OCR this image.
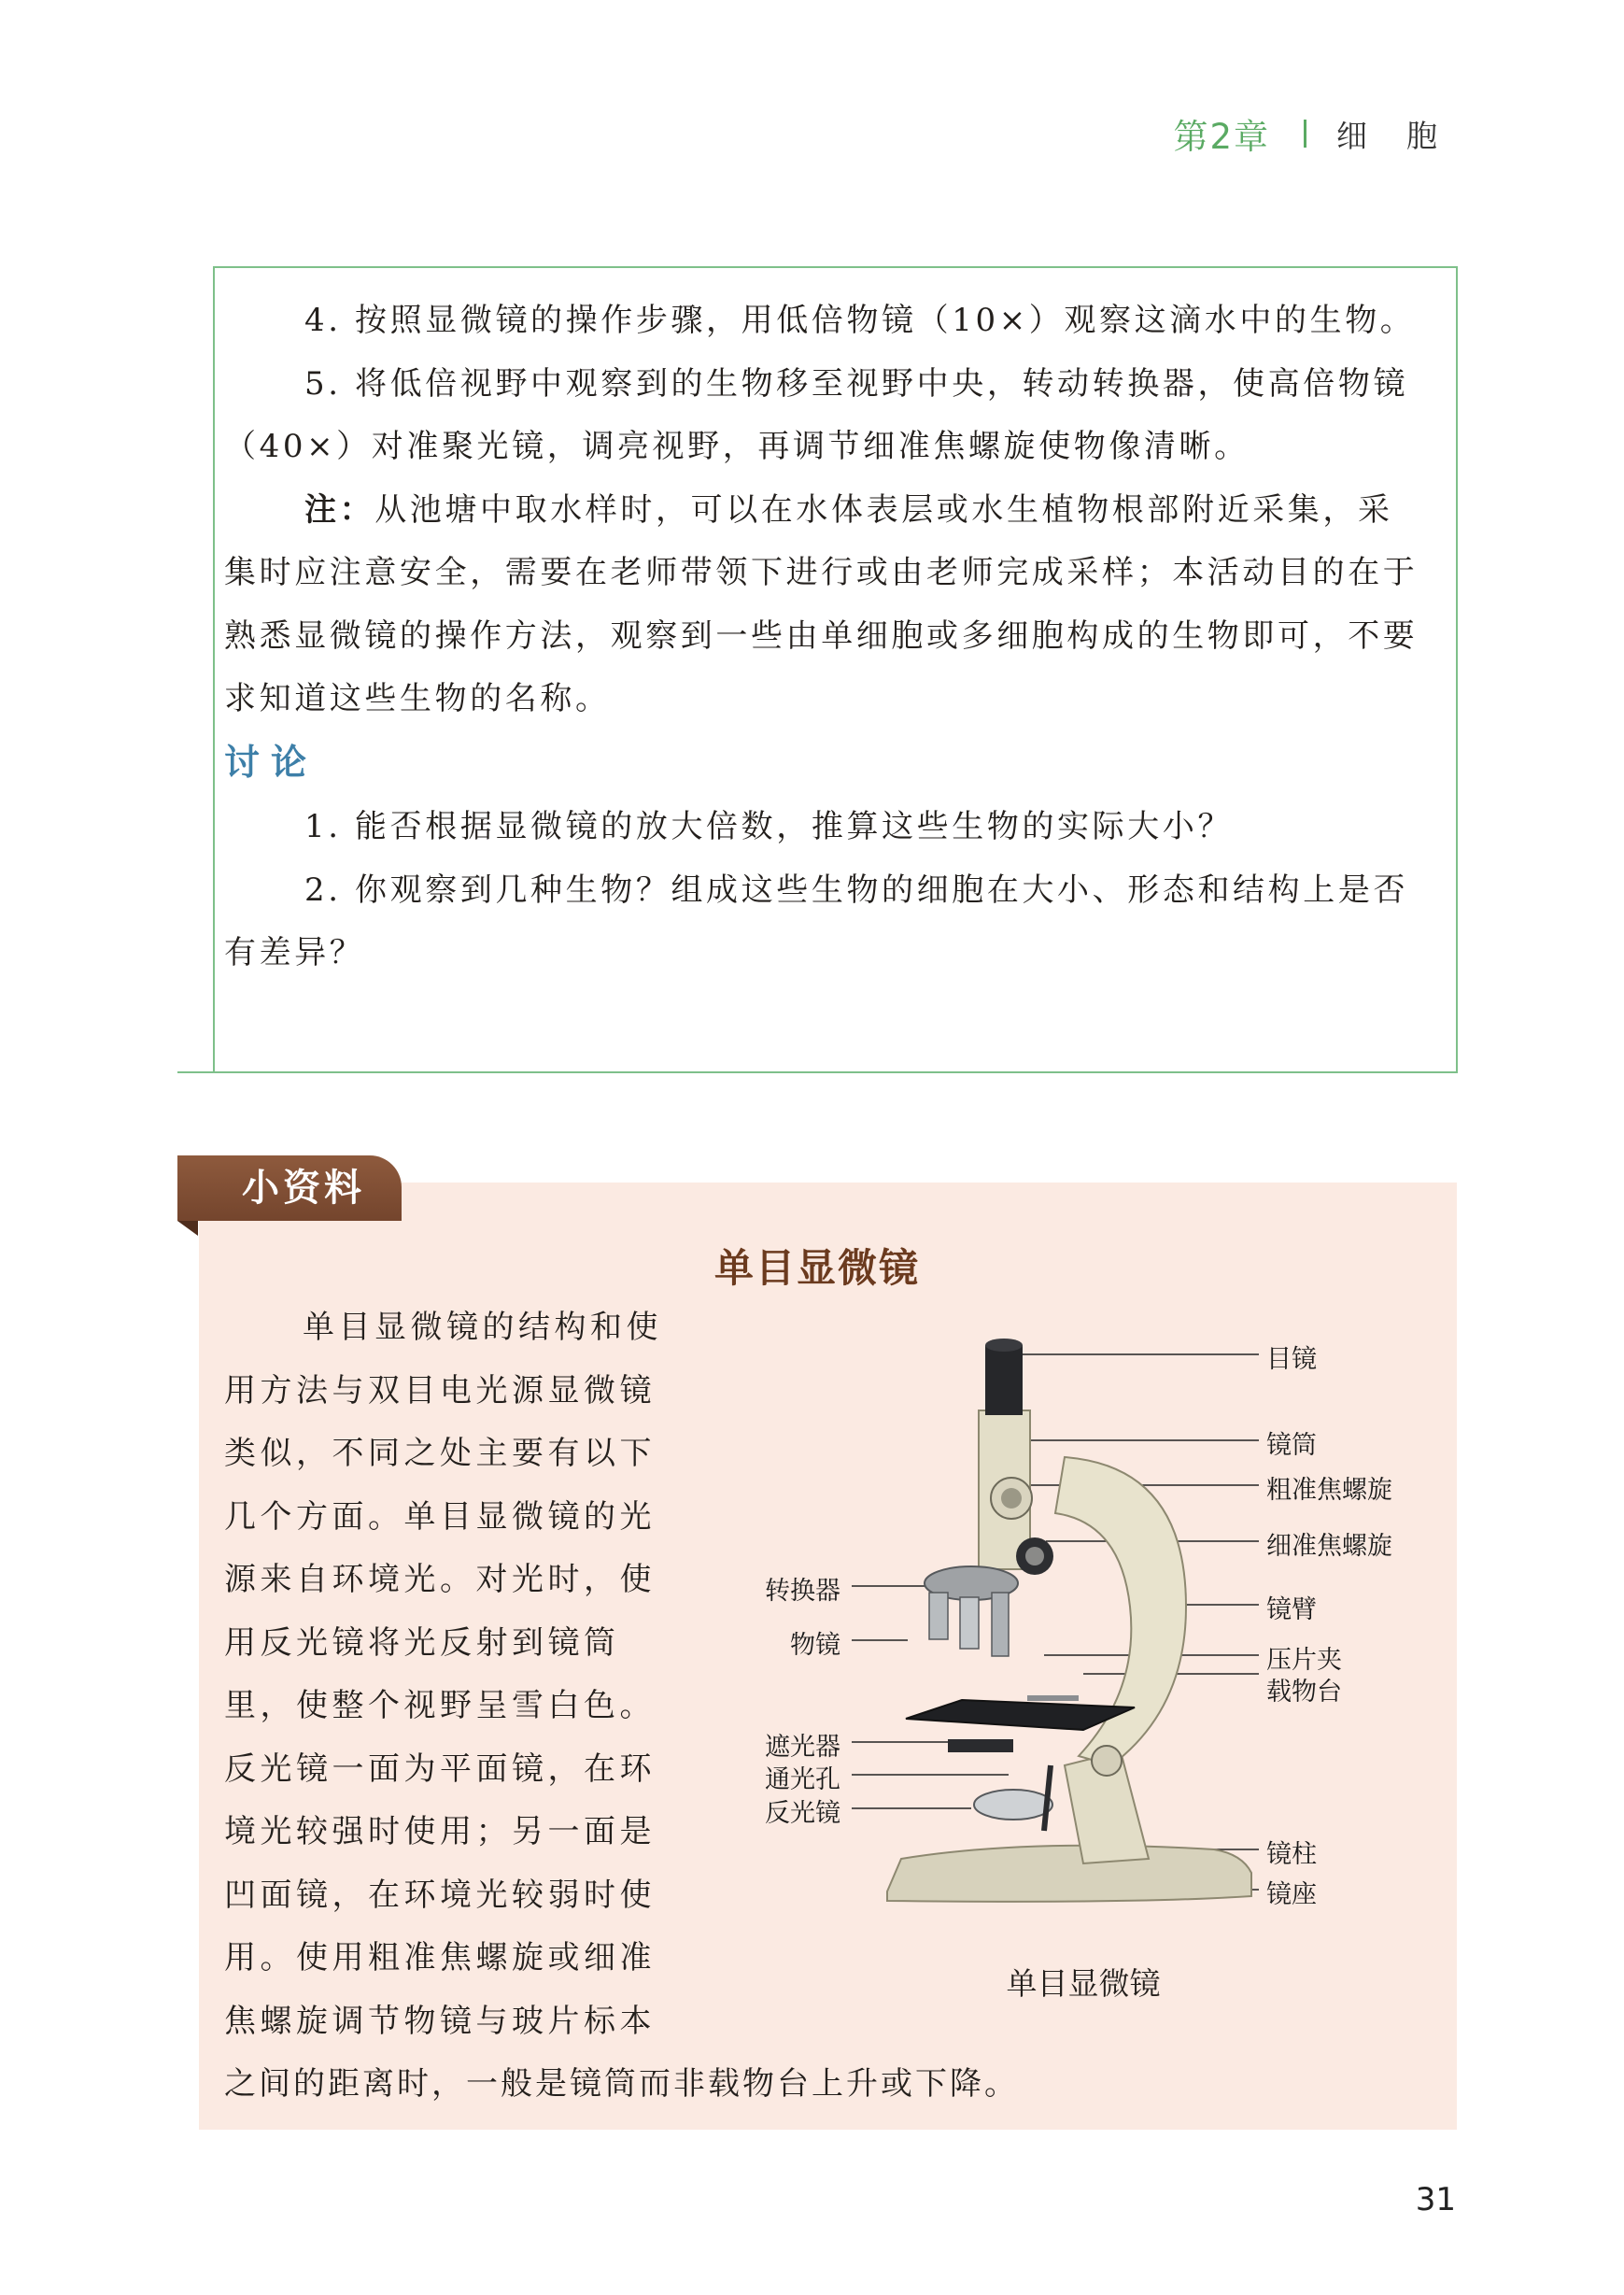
第2章 细胞

4. 按照显微镜的操作步骤，用低倍物镜（10×）观察这滴水中的生物。

5. 将低倍视野中观察到的生物移至视野中央，转动转换器，使高倍物镜（40×）对准聚光镜，调亮视野，再调节细准焦螺旋使物像清晰。

注：从池塘中取水样时，可以在水体表层或水生植物根部附近采集，采集时应注意安全，需要在老师带领下进行或由老师完成采样；本活动目的在于熟悉显微镜的操作方法，观察到一些由单细胞或多细胞构成的生物即可，不要求知道这些生物的名称。

讨论

1. 能否根据显微镜的放大倍数，推算这些生物的实际大小？

2. 你观察到几种生物？组成这些生物的细胞在大小、形态和结构上是否有差异？

小资料
单目显微镜
单目显微镜的结构和使用方法与双目电光源显微镜类似，不同之处主要有以下几个方面。单目显微镜的光源来自环境光。对光时，使用反光镜将光反射到镜筒里，使整个视野呈雪白色。反光镜一面为平面镜，在环境光较强时使用；另一面是凹面镜，在环境光较弱时使用。使用粗准焦螺旋或细准焦螺旋调节物镜与玻片标本
之间的距离时，一般是镜筒而非载物台上升或下降。
目镜
镜筒
粗准焦螺旋
细准焦螺旋
转换器
物镜
镜臂
压片夹
载物台
遮光器
通光孔
反光镜
镜柱
镜座
单目显微镜
31
